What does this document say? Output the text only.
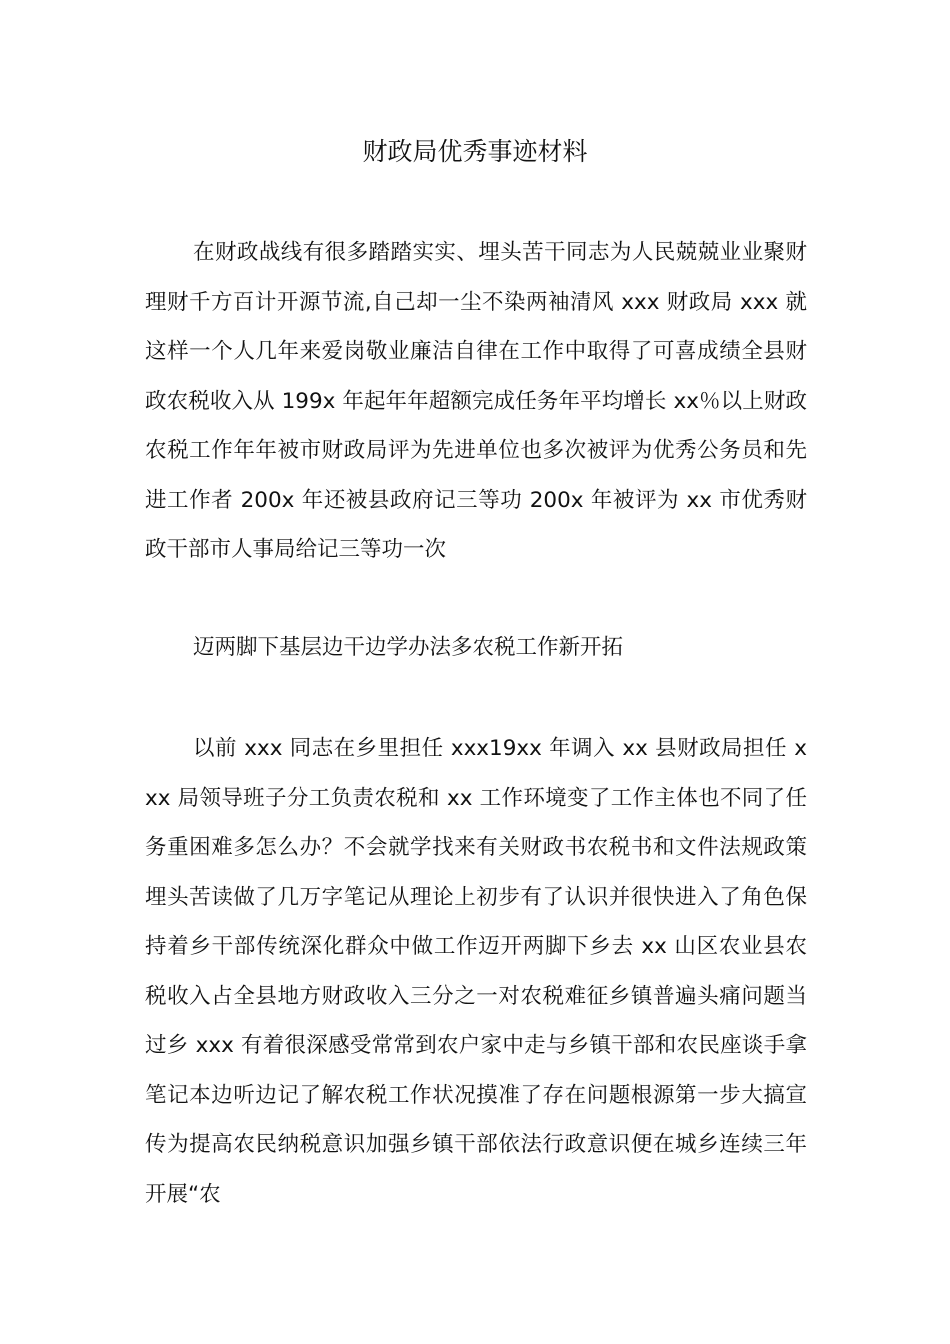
财政局优秀事迹材料

在财政战线有很多踏踏实实、埋头苦干同志为人民兢兢业业聚财理财千方百计开源节流,自己却一尘不染两袖清风 xxx 财政局 xxx 就这样一个人几年来爱岗敬业廉洁自律在工作中取得了可喜成绩全县财政农税收入从 199x 年起年年超额完成任务年平均增长 xx％以上财政农税工作年年被市财政局评为先进单位也多次被评为优秀公务员和先进工作者 200x 年还被县政府记三等功 200x 年被评为 xx 市优秀财政干部市人事局给记三等功一次

迈两脚下基层边干边学办法多农税工作新开拓

以前 xxx 同志在乡里担任 xxx19xx 年调入 xx 县财政局担任 xxx 局领导班子分工负责农税和 xx 工作环境变了工作主体也不同了任务重困难多怎么办？不会就学找来有关财政书农税书和文件法规政策埋头苦读做了几万字笔记从理论上初步有了认识并很快进入了角色保持着乡干部传统深化群众中做工作迈开两脚下乡去 xx 山区农业县农税收入占全县地方财政收入三分之一对农税难征乡镇普遍头痛问题当过乡 xxx 有着很深感受常常到农户家中走与乡镇干部和农民座谈手拿笔记本边听边记了解农税工作状况摸准了存在问题根源第一步大搞宣传为提高农民纳税意识加强乡镇干部依法行政意识便在城乡连续三年开展“农
